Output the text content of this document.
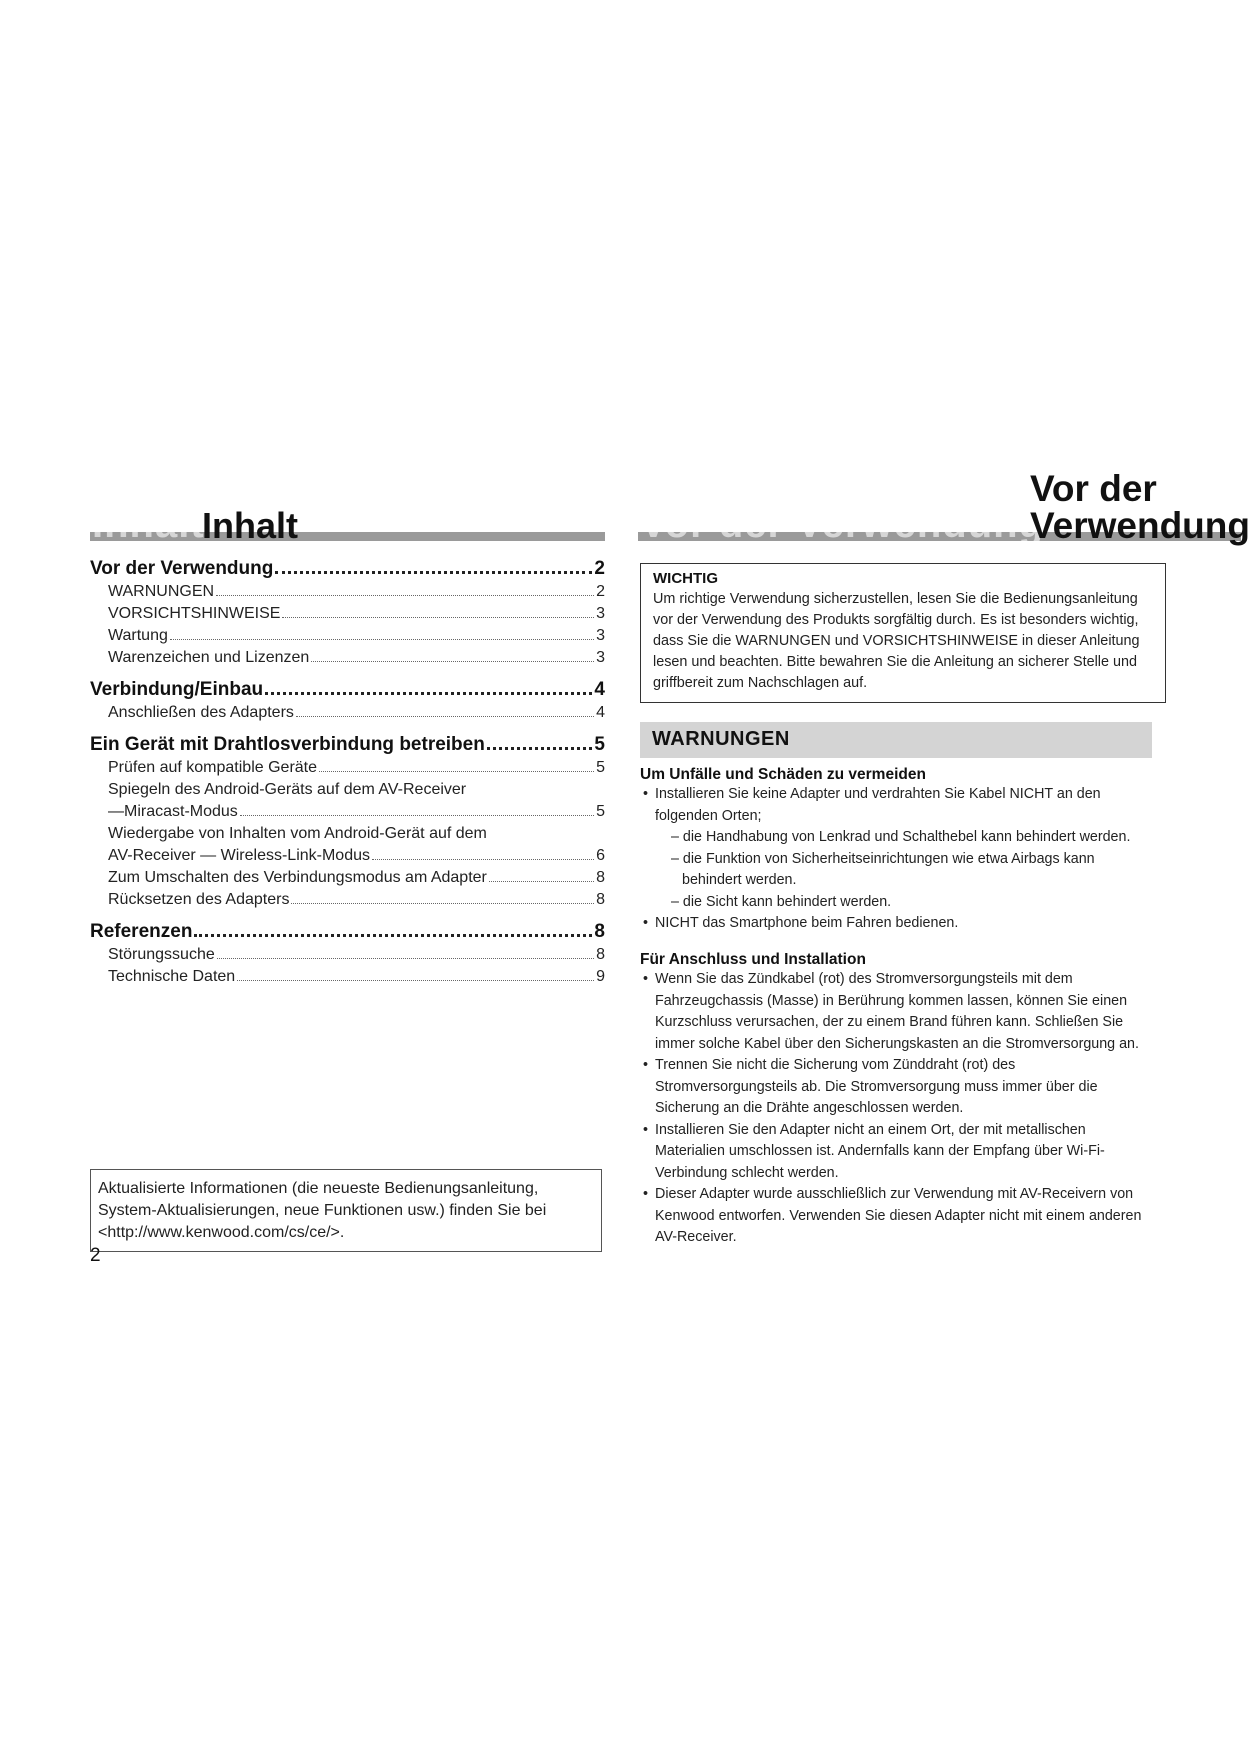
Inhalt
Inhalt
Vor der Verwendung	2
WARNUNGEN	2
VORSICHTSHINWEISE	3
Wartung	3
Warenzeichen und Lizenzen	3
Verbindung/Einbau	4
Anschließen des Adapters	4
Ein Gerät mit Drahtlosverbindung betreiben	5
Prüfen auf kompatible Geräte	5
Spiegeln des Android-Geräts auf dem AV-Receiver
—Miracast-Modus	5
Wiedergabe von Inhalten vom Android-Gerät auf dem
AV-Receiver — Wireless-Link-Modus	6
Zum Umschalten des Verbindungsmodus am Adapter	8
Rücksetzen des Adapters	8
Referenzen	8
Störungssuche	8
Technische Daten	9
Aktualisierte Informationen (die neueste Bedienungsanleitung,
System-Aktualisierungen, neue Funktionen usw.) finden Sie bei
<http://www.kenwood.com/cs/ce/>.
2
Vor der Verwendung
Vor der Verwendung
WICHTIG
Um richtige Verwendung sicherzustellen, lesen Sie die Bedienungsanleitung
vor der Verwendung des Produkts sorgfältig durch. Es ist besonders wichtig,
dass Sie die WARNUNGEN und VORSICHTSHINWEISE in dieser Anleitung
lesen und beachten. Bitte bewahren Sie die Anleitung an sicherer Stelle und
griffbereit zum Nachschlagen auf.
WARNUNGEN
Um Unfälle und Schäden zu vermeiden
• Installieren Sie keine Adapter und verdrahten Sie Kabel NICHT an den
folgenden Orten;
– die Handhabung von Lenkrad und Schalthebel kann behindert werden.
– die Funktion von Sicherheitseinrichtungen wie etwa Airbags kann
behindert werden.
– die Sicht kann behindert werden.
• NICHT das Smartphone beim Fahren bedienen.
Für Anschluss und Installation
• Wenn Sie das Zündkabel (rot) des Stromversorgungsteils mit dem
Fahrzeugchassis (Masse) in Berührung kommen lassen, können Sie einen
Kurzschluss verursachen, der zu einem Brand führen kann. Schließen Sie
immer solche Kabel über den Sicherungskasten an die Stromversorgung an.
• Trennen Sie nicht die Sicherung vom Zünddraht (rot) des
Stromversorgungsteils ab. Die Stromversorgung muss immer über die
Sicherung an die Drähte angeschlossen werden.
• Installieren Sie den Adapter nicht an einem Ort, der mit metallischen
Materialien umschlossen ist. Andernfalls kann der Empfang über Wi-Fi-
Verbindung schlecht werden.
• Dieser Adapter wurde ausschließlich zur Verwendung mit AV-Receivern von
Kenwood entworfen. Verwenden Sie diesen Adapter nicht mit einem anderen
AV-Receiver.
